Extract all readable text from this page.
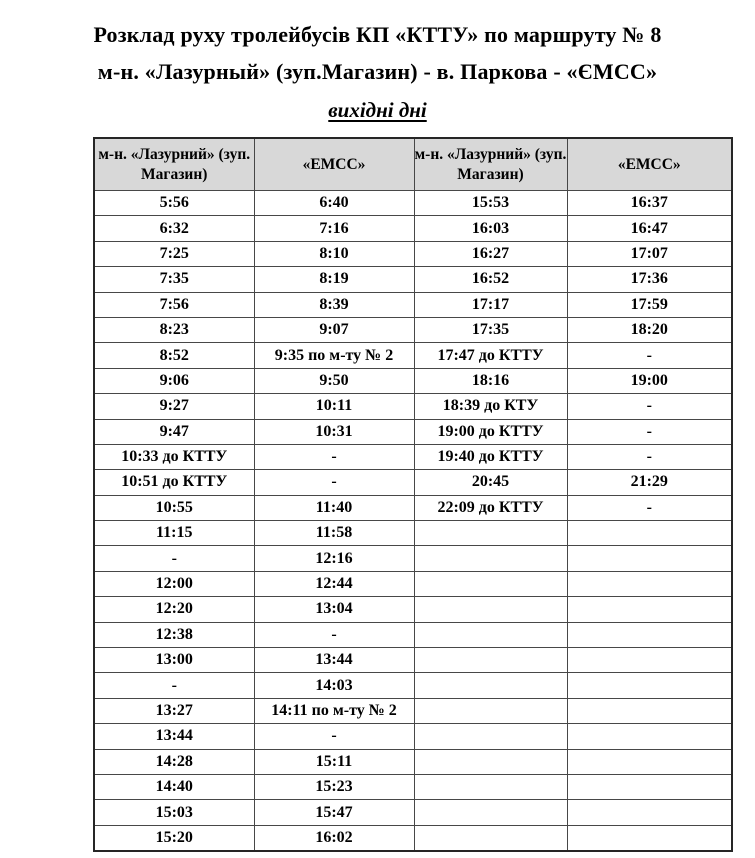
Розклад руху тролейбусів КП «КТТУ» по маршруту № 8
м-н. «Лазурный» (зуп.Магазин) - в. Паркова - «ЄМСС»
вихідні дні
м-н. «Лазурний» (зуп. Магазин)	«ЕМСС»	м-н. «Лазурний» (зуп. Магазин)	«ЕМСС»
5:56	6:40	15:53	16:37
6:32	7:16	16:03	16:47
7:25	8:10	16:27	17:07
7:35	8:19	16:52	17:36
7:56	8:39	17:17	17:59
8:23	9:07	17:35	18:20
8:52	9:35 по м-ту № 2	17:47 до КТТУ	-
9:06	9:50	18:16	19:00
9:27	10:11	18:39 до КТУ	-
9:47	10:31	19:00 до КТТУ	-
10:33 до КТТУ	-	19:40 до КТТУ	-
10:51 до КТТУ	-	20:45	21:29
10:55	11:40	22:09 до КТТУ	-
11:15	11:58		
-	12:16		
12:00	12:44		
12:20	13:04		
12:38	-		
13:00	13:44		
-	14:03		
13:27	14:11 по м-ту № 2		
13:44	-		
14:28	15:11		
14:40	15:23		
15:03	15:47		
15:20	16:02		
